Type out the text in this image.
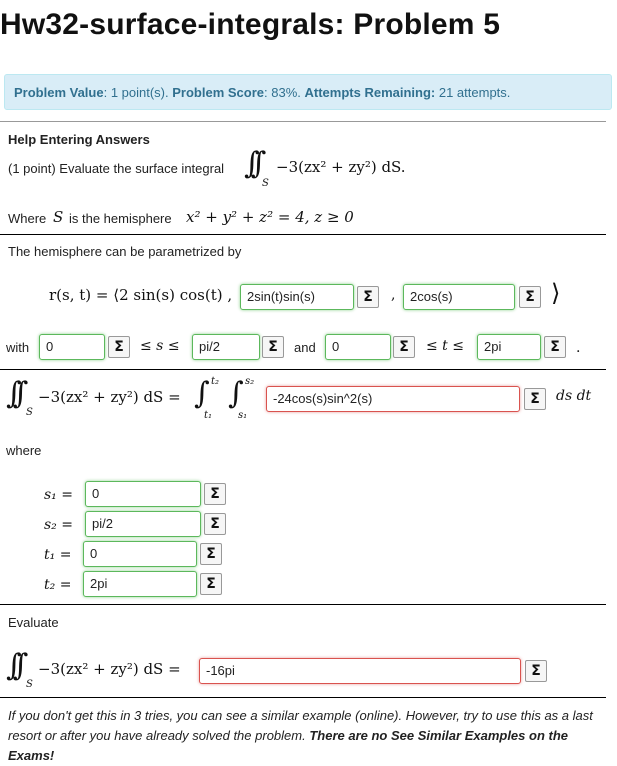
Hw32-surface-integrals: Problem 5
Problem Value: 1 point(s). Problem Score: 83%. Attempts Remaining: 21 attempts.
Help Entering Answers
(1 point) Evaluate the surface integral ∫∫
S
−3(zx² + zy²) dS.
Where S is the hemisphere x² + y² + z² = 4, z ≥ 0
The hemisphere can be parametrized by
r(s, t) = ⟨2 sin(s) cos(t) ,	2sin(t)sin(s)	Σ	,	2cos(s)	Σ ⟩
with	0	Σ	≤ s ≤	pi/2	Σ	and	0	Σ	≤ t ≤	2pi	Σ	.
∫∫
S
−3(zx² + zy²) dS = ∫ t₂
t₁
∫ s₂
s₁
-24cos(s)sin^2(s)	Σ	ds dt
where
s₁ =	0	Σ
s₂ =	pi/2	Σ
t₁ =	0	Σ
t₂ =	2pi	Σ
Evaluate
∫∫
S
−3(zx² + zy²) dS =	-16pi	Σ
If you don't get this in 3 tries, you can see a similar example (online). However, try to use this as a last resort or after you have already solved the problem. There are no See Similar Examples on the Exams!
